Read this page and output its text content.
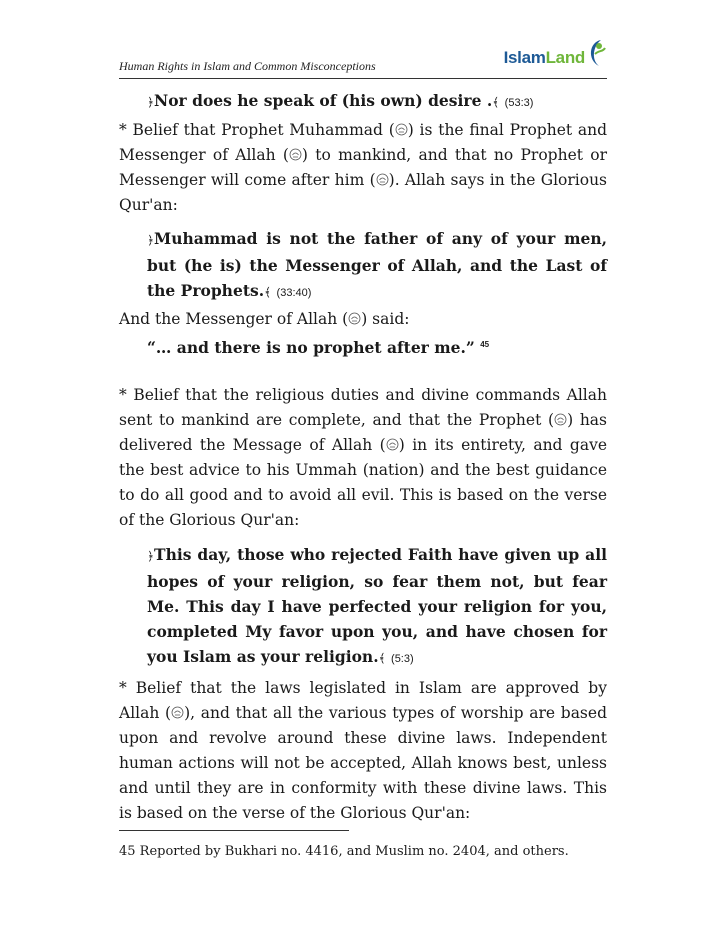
Human Rights in Islam and Common Misconceptions	IslamLand

﴿Nor does he speak of (his own) desire .﴾ (53:3)

* Belief that Prophet Muhammad ( ) is the final Prophet and Messenger of Allah ( ) to mankind, and that no Prophet or Messenger will come after him ( ). Allah says in the Glorious Qur'an:

﴿Muhammad is not the father of any of your men, but (he is) the Messenger of Allah, and the Last of the Prophets.﴾ (33:40)

And the Messenger of Allah ( ) said:

“… and there is no prophet after me.” $^{45}$

* Belief that the religious duties and divine commands Allah sent to mankind are complete, and that the Prophet ( ) has delivered the Message of Allah ( ) in its entirety, and gave the best advice to his Ummah (nation) and the best guidance to do all good and to avoid all evil. This is based on the verse of the Glorious Qur'an:

﴿This day, those who rejected Faith have given up all hopes of your religion, so fear them not, but fear Me. This day I have perfected your religion for you, completed My favor upon you, and have chosen for you Islam as your religion.﴾ (5:3)

* Belief that the laws legislated in Islam are approved by Allah ( ), and that all the various types of worship are based upon and revolve around these divine laws. Independent human actions will not be accepted, Allah knows best, unless and until they are in conformity with these divine laws. This is based on the verse of the Glorious Qur'an:

45 Reported by Bukhari no. 4416, and Muslim no. 2404, and others.
